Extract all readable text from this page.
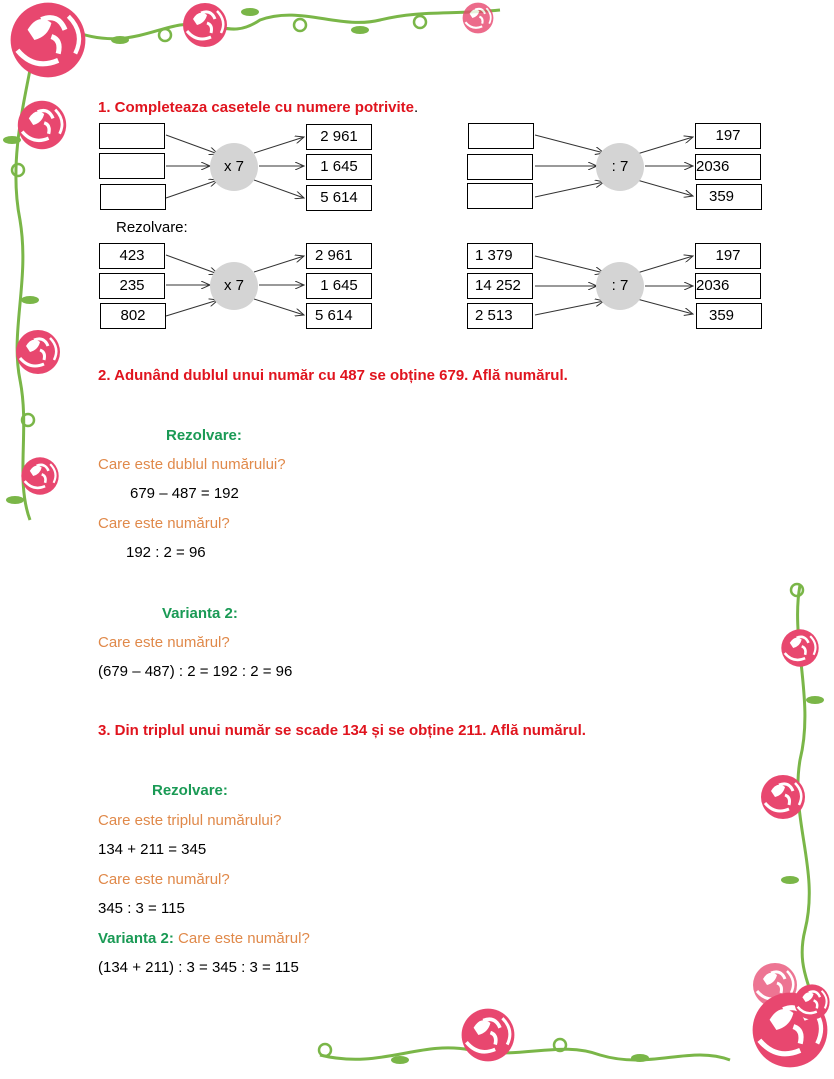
1. Completeaza casetele cu numere potrivite.
x 7
2 961
1 645
5 614
: 7
197
2036
359
Rezolvare:
423
235
802
x 7
2 961
1 645
5 614
1 379
14 252
2 513
: 7
197
2036
359
2. Adunând dublul unui număr cu 487 se obține 679. Află numărul.
Rezolvare:
Care este dublul numărului?
679 – 487 = 192
Care este numărul?
192 : 2 = 96
Varianta 2:
Care este numărul?
(679 – 487) : 2 = 192 : 2 = 96
3. Din triplul unui număr se scade 134 și se obține 211. Află numărul.
Rezolvare:
Care este triplul numărului?
134 + 211 = 345
Care este numărul?
345 : 3 = 115
Varianta 2: Care este numărul?
(134 + 211) : 3 = 345 : 3 = 115
